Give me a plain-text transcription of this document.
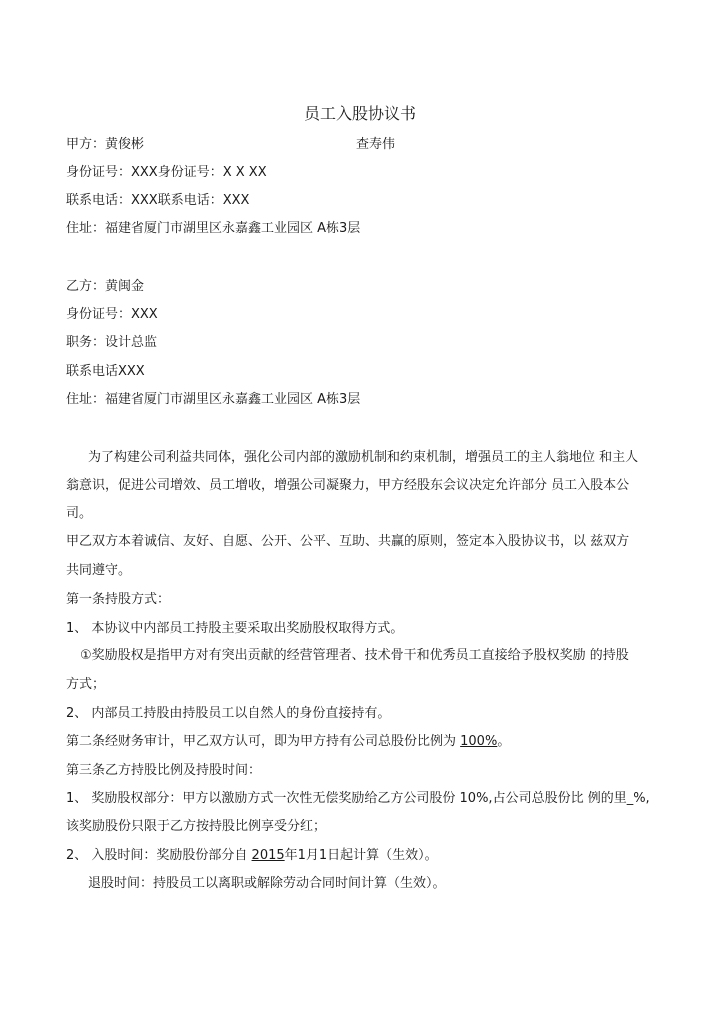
员工入股协议书
甲方：黄俊彬	查寿伟
身份证号：XXX身份证号：X X XX
联系电话：XXX联系电话：XXX
住址：福建省厦门市湖里区永嘉鑫工业园区 A栋3层
乙方：黄闽金
身份证号：XXX
职务：设计总监
联系电话XXX
住址：福建省厦门市湖里区永嘉鑫工业园区 A栋3层
为了构建公司利益共同体，强化公司内部的激励机制和约束机制，增强员工的主人翁地位 和主人
翁意识，促进公司增效、员工增收，增强公司凝聚力，甲方经股东会议决定允许部分 员工入股本公
司。
甲乙双方本着诚信、友好、自愿、公开、公平、互助、共赢的原则，签定本入股协议书，以 兹双方
共同遵守。
第一条持股方式：
1、 本协议中内部员工持股主要采取出奖励股权取得方式。
①奖励股权是指甲方对有突出贡献的经营管理者、技术骨干和优秀员工直接给予股权奖励 的持股
方式；
2、 内部员工持股由持股员工以自然人的身份直接持有。
第二条经财务审计，甲乙双方认可，即为甲方持有公司总股份比例为 100%。
第三条乙方持股比例及持股时间：
1、 奖励股权部分：甲方以激励方式一次性无偿奖励给乙方公司股份 10%,占公司总股份比 例的里_%,
该奖励股份只限于乙方按持股比例享受分红；
2、 入股时间：奖励股份部分自 2015年1月1日起计算（生效）。
退股时间：持股员工以离职或解除劳动合同时间计算（生效）。
